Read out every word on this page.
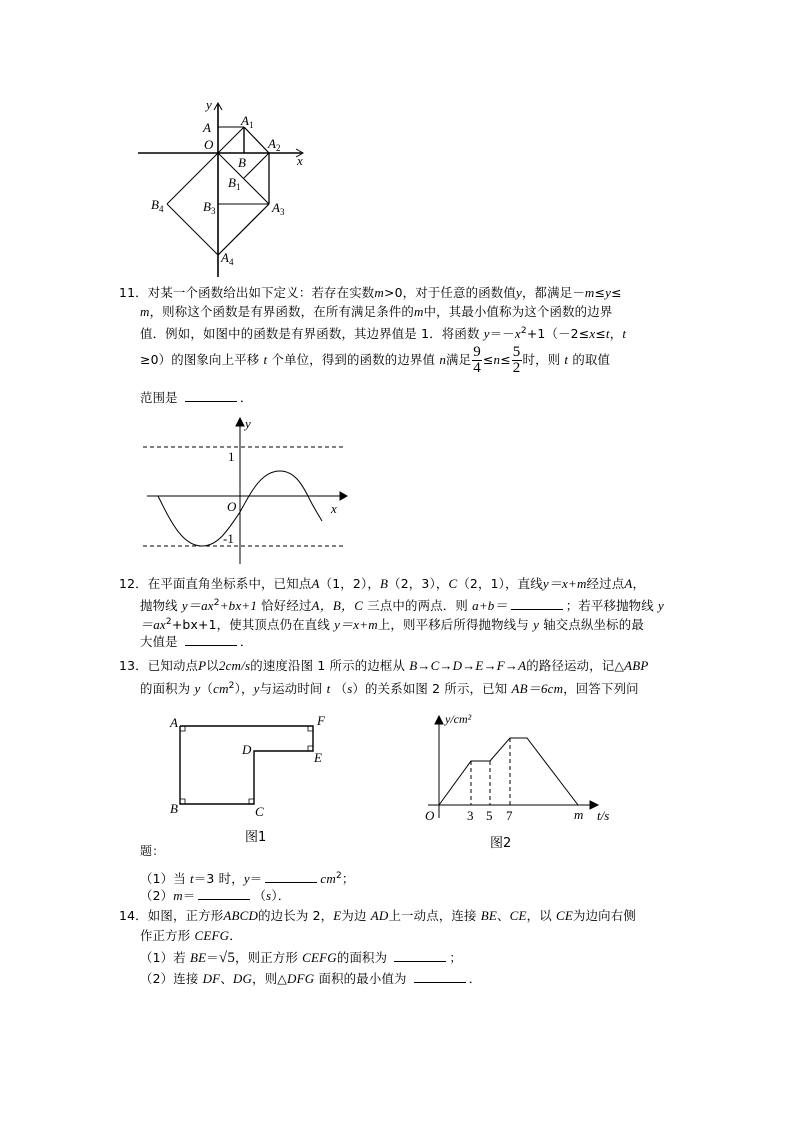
y
x
A
O
B
$A_1$
$A_2$
$B_1$
$B_3$	$A_3$
$B_4$
$A_4$
11．对某一个函数给出如下定义：若存在实数m>0，对于任意的函数值y，都满足－m≤y≤
m，则称这个函数是有界函数，在所有满足条件的m中，其最小值称为这个函数的边界
值．例如，如图中的函数是有界函数，其边界值是 1．将函数 $y=-x^2+1(-2\le x\le t$，t
≥0）的图象向上平移 t 个单位，得到的函数的边界值 n满足 $\frac{9}{4} \le n\le \frac{5}{2}$ 时，则 t 的取值
范围是	．
y
x
O
1
-1
12．在平面直角坐标系中，已知点A（1，2），B（2，3），C（2，1），直线y＝x+m经过点A，
抛物线 $y=ax^2+bx+1$ 恰好经过A，B，C 三点中的两点．则 a+b＝	；若平移抛物线 y
$=ax^2+bx+1$，使其顶点仍在直线 y＝x+m上，则平移后所得抛物线与 y 轴交点纵坐标的最
大值是	．
13．已知动点P以2cm/s的速度沿图 1 所示的边框从 B→C→D→E→F→A的路径运动，记△ABP
的面积为 $y(cm^2)$，y与运动时间 t （s）的关系如图 2 所示，已知 AB＝6cm，回答下列问
A
B	C
D
E
F
图1
题：
y/cm²
t/s
O	3 5 7	m
图2
（1）当 t＝3 时，y＝	$cm^2$；
（2）m＝	（s）．
14．如图，正方形ABCD的边长为 2，E为边 AD上一动点，连接 BE、CE，以 CE为边向右侧
作正方形 CEFG．
（1）若 BE＝√5，则正方形 CEFG的面积为	；
（2）连接 DF、DG，则△DFG 面积的最小值为	．
